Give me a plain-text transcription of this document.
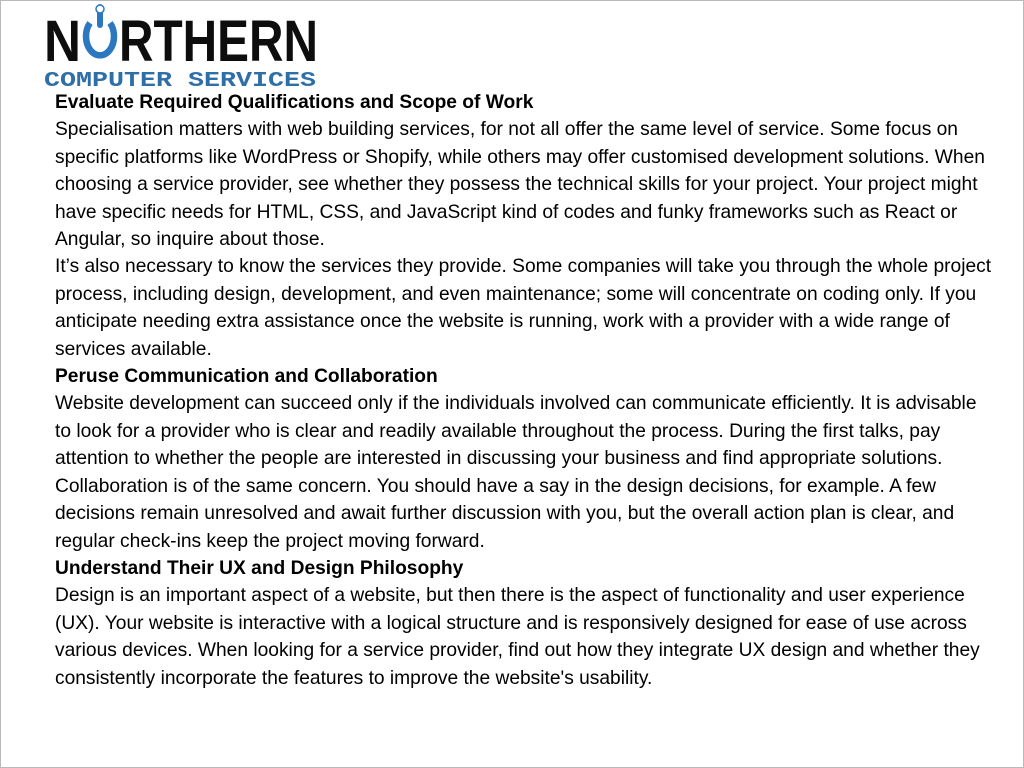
N RTHERN
COMPUTER SERVICES

Evaluate Required Qualifications and Scope of Work

Specialisation matters with web building services, for not all offer the same level of service. Some focus on specific platforms like WordPress or Shopify, while others may offer customised development solutions. When choosing a service provider, see whether they possess the technical skills for your project. Your project might have specific needs for HTML, CSS, and JavaScript kind of codes and funky frameworks such as React or Angular, so inquire about those.

It’s also necessary to know the services they provide. Some companies will take you through the whole project process, including design, development, and even maintenance; some will concentrate on coding only. If you anticipate needing extra assistance once the website is running, work with a provider with a wide range of services available.

Peruse Communication and Collaboration

Website development can succeed only if the individuals involved can communicate efficiently. It is advisable to look for a provider who is clear and readily available throughout the process. During the first talks, pay attention to whether the people are interested in discussing your business and find appropriate solutions.

Collaboration is of the same concern. You should have a say in the design decisions, for example. A few decisions remain unresolved and await further discussion with you, but the overall action plan is clear, and regular check-ins keep the project moving forward.

Understand Their UX and Design Philosophy

Design is an important aspect of a website, but then there is the aspect of functionality and user experience (UX). Your website is interactive with a logical structure and is responsively designed for ease of use across various devices. When looking for a service provider, find out how they integrate UX design and whether they consistently incorporate the features to improve the website's usability.
